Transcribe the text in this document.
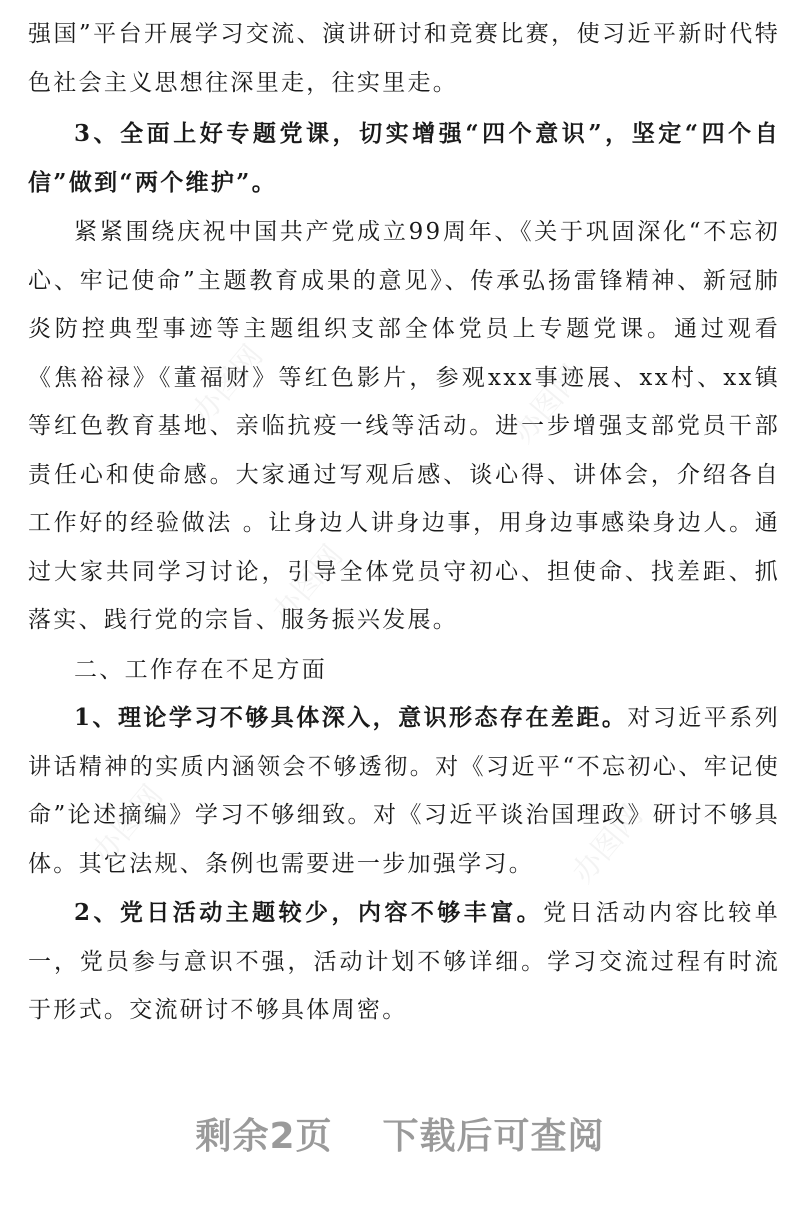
强国”平台开展学习交流、演讲研讨和竞赛比赛，使习近平新时代特色社会主义思想往深里走，往实里走。

3、全面上好专题党课，切实增强“四个意识”，坚定“四个自信”做到“两个维护”。

紧紧围绕庆祝中国共产党成立99周年、《关于巩固深化“不忘初心、牢记使命”主题教育成果的意见》、传承弘扬雷锋精神、新冠肺炎防控典型事迹等主题组织支部全体党员上专题党课。通过观看《焦裕禄》《董福财》等红色影片，参观xxx事迹展、xx村、xx镇等红色教育基地、亲临抗疫一线等活动。进一步增强支部党员干部责任心和使命感。大家通过写观后感、谈心得、讲体会，介绍各自工作好的经验做法 。让身边人讲身边事，用身边事感染身边人。通过大家共同学习讨论，引导全体党员守初心、担使命、找差距、抓落实、践行党的宗旨、服务振兴发展。

二、工作存在不足方面

1、理论学习不够具体深入，意识形态存在差距。对习近平系列讲话精神的实质内涵领会不够透彻。对《习近平“不忘初心、牢记使命”论述摘编》学习不够细致。对《习近平谈治国理政》研讨不够具体。其它法规、条例也需要进一步加强学习。

2、党日活动主题较少，内容不够丰富。党日活动内容比较单一，党员参与意识不强，活动计划不够详细。学习交流过程有时流于形式。交流研讨不够具体周密。

办图网	办图网
办图网
办图网	办图网
剩余2页 下载后可查阅
